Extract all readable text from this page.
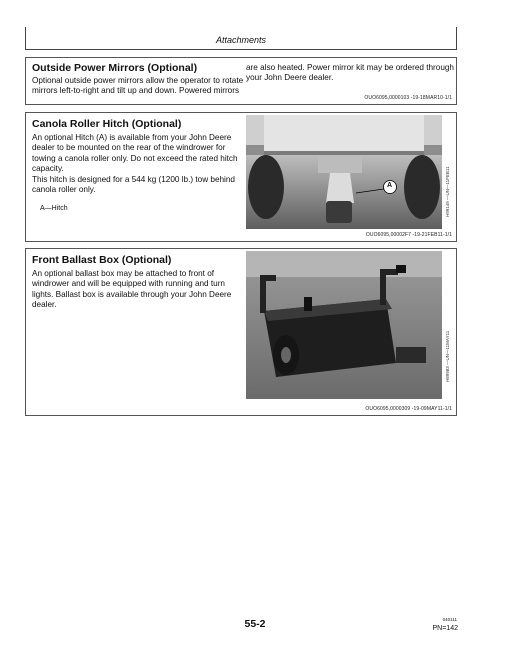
Attachments
Outside Power Mirrors (Optional)
Optional outside power mirrors allow the operator to rotate
mirrors left-to-right and tilt up and down. Powered mirrors
are also heated. Power mirror kit may be ordered through
your John Deere dealer.
OUO6095,0000103 -19-18MAR10-1/1
Canola Roller Hitch (Optional)
An optional Hitch (A) is available from your John Deere
dealer to be mounted on the rear of the windrower for
towing a canola roller only. Do not exceed the rated hitch
capacity.
This hitch is designed for a 544 kg (1200 lb.) tow behind
canola roller only.
A—Hitch
A	H99149 —UN—11FEB11
OUO6095,00002F7 -19-21FEB11-1/1
Front Ballast Box (Optional)
An optional ballast box may be attached to front of
windrower and will be equipped with running and turn
lights. Ballast box is available through your John Deere
dealer.
H89983 —UN—11MAY11
OUO6095,0000309 -19-09MAY11-1/1
55-2	040111
PN=142
